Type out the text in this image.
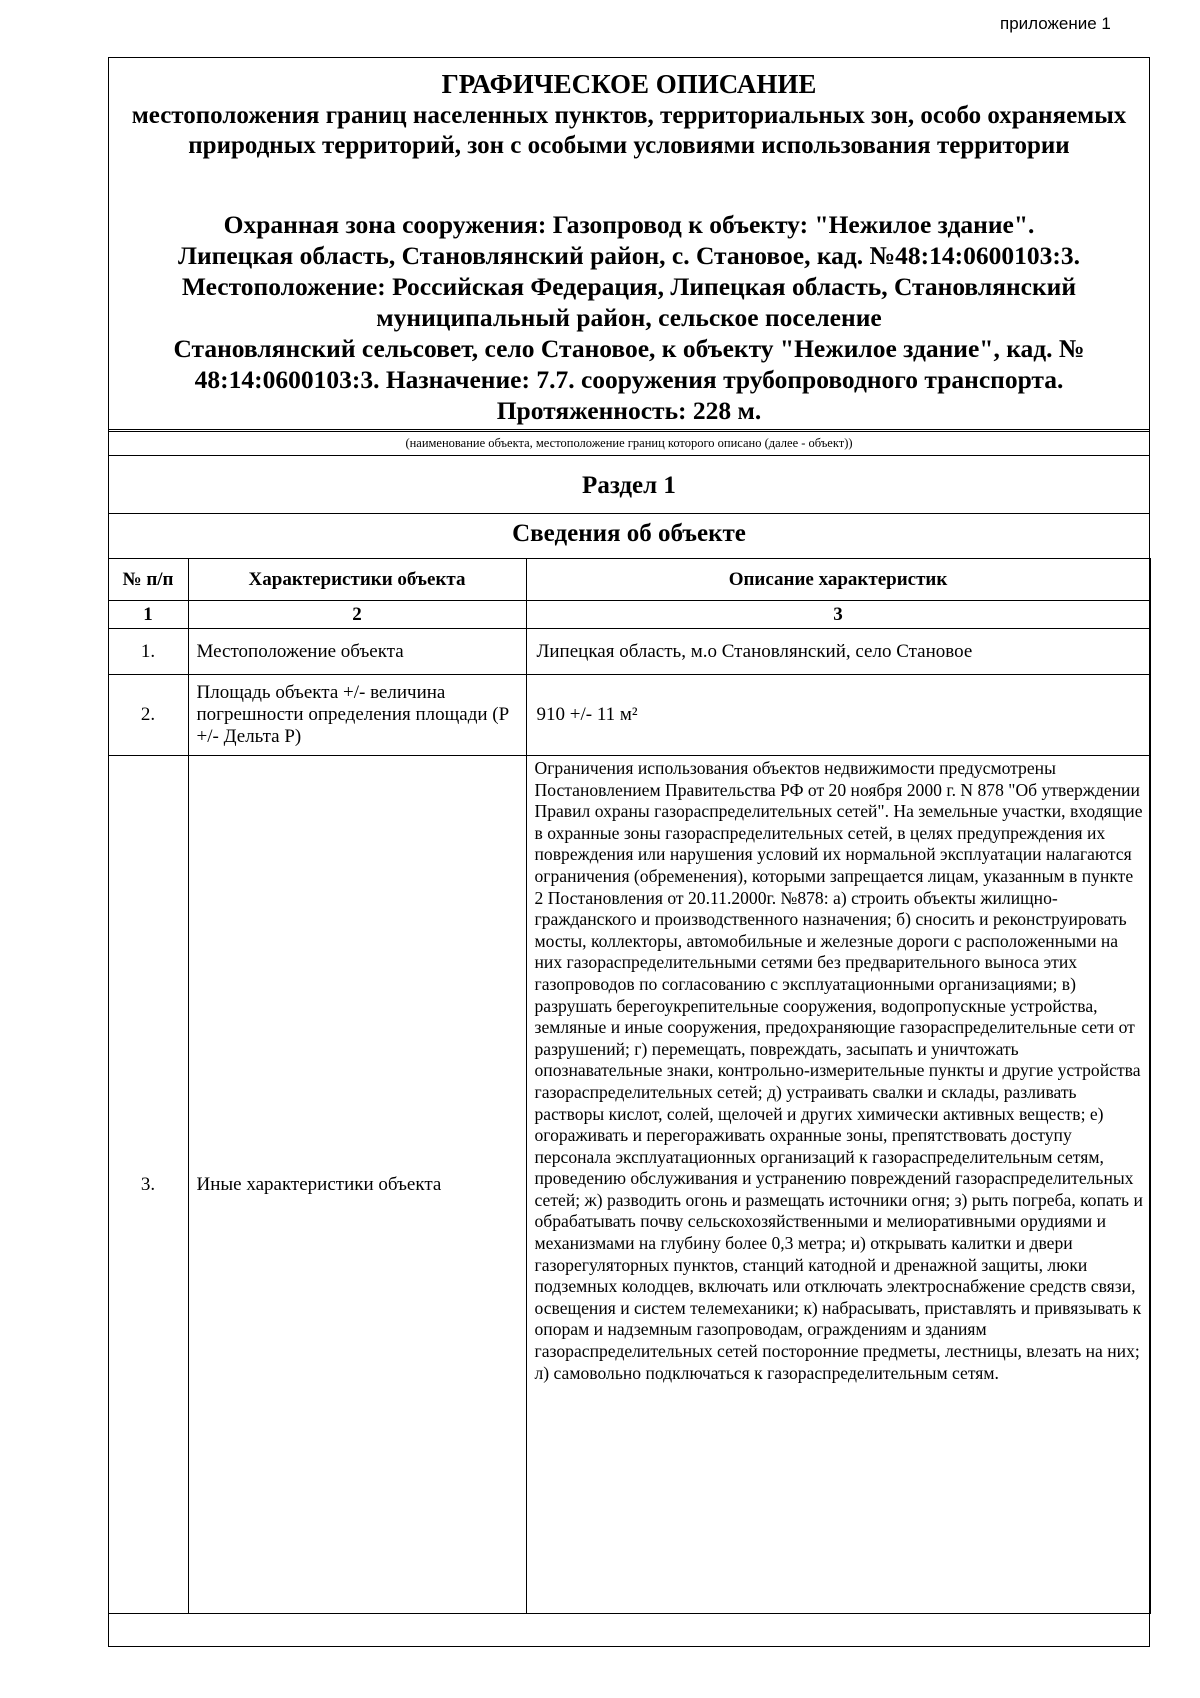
приложение 1
ГРАФИЧЕСКОЕ ОПИСАНИЕ
местоположения границ населенных пунктов, территориальных зон, особо охраняемых природных территорий, зон с особыми условиями использования территории
Охранная зона сооружения: Газопровод к объекту: "Нежилое здание".
Липецкая область, Становлянский район, с. Становое, кад. №48:14:0600103:3.
Местоположение: Российская Федерация, Липецкая область, Становлянский
муниципальный район, сельское поселение
Становлянский сельсовет, село Становое, к объекту "Нежилое здание", кад. №
48:14:0600103:3. Назначение: 7.7. сооружения трубопроводного транспорта.
Протяженность: 228 м.
(наименование объекта, местоположение границ которого описано (далее - объект))
Раздел 1
Сведения об объекте
№ п/п	Характеристики объекта	Описание характеристик
1	2	3
1.	Местоположение объекта	Липецкая область, м.о Становлянский, село Становое
2.	Площадь объекта +/- величина погрешности определения площади (Р +/- Дельта Р)	910 +/- 11 м²
3.	Иные характеристики объекта	Ограничения использования объектов недвижимости предусмотрены Постановлением Правительства РФ от 20 ноября 2000 г. N 878 "Об утверждении Правил охраны газораспределительных сетей". На земельные участки, входящие в охранные зоны газораспределительных сетей, в целях предупреждения их повреждения или нарушения условий их нормальной эксплуатации налагаются ограничения (обременения), которыми запрещается лицам, указанным в пункте 2 Постановления от 20.11.2000г. №878: а) строить объекты жилищно-гражданского и производственного назначения; б) сносить и реконструировать мосты, коллекторы, автомобильные и железные дороги с расположенными на них газораспределительными сетями без предварительного выноса этих газопроводов по согласованию с эксплуатационными организациями; в) разрушать берегоукрепительные сооружения, водопропускные устройства, земляные и иные сооружения, предохраняющие газораспределительные сети от разрушений; г) перемещать, повреждать, засыпать и уничтожать опознавательные знаки, контрольно-измерительные пункты и другие устройства газораспределительных сетей; д) устраивать свалки и склады, разливать растворы кислот, солей, щелочей и других химически активных веществ; е) огораживать и перегораживать охранные зоны, препятствовать доступу персонала эксплуатационных организаций к газораспределительным сетям, проведению обслуживания и устранению повреждений газораспределительных сетей; ж) разводить огонь и размещать источники огня; з) рыть погреба, копать и обрабатывать почву сельскохозяйственными и мелиоративными орудиями и механизмами на глубину более 0,3 метра; и) открывать калитки и двери газорегуляторных пунктов, станций катодной и дренажной защиты, люки подземных колодцев, включать или отключать электроснабжение средств связи, освещения и систем телемеханики; к) набрасывать, приставлять и привязывать к опорам и надземным газопроводам, ограждениям и зданиям газораспределительных сетей посторонние предметы, лестницы, влезать на них; л) самовольно подключаться к газораспределительным сетям.
